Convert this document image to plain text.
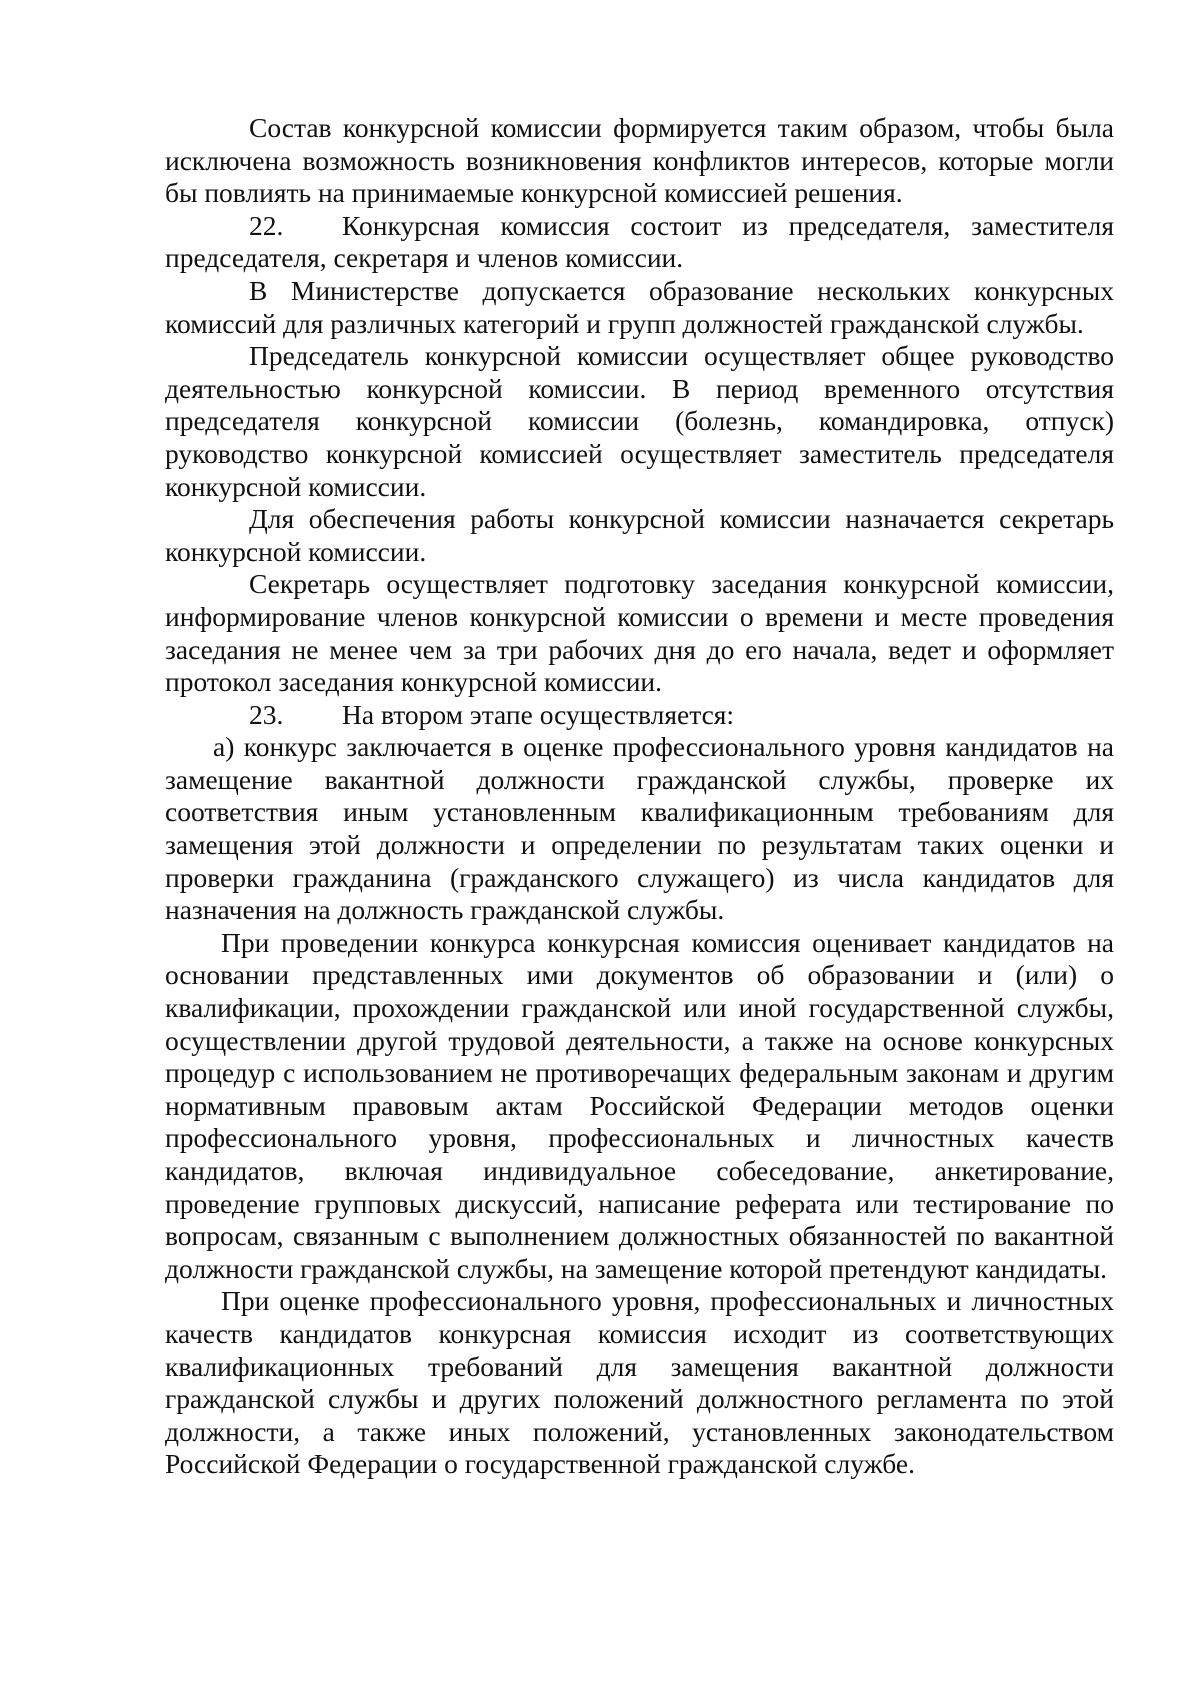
Состав конкурсной комиссии формируется таким образом, чтобы была исключена возможность возникновения конфликтов интересов, которые могли бы повлиять на принимаемые конкурсной комиссией решения.

22. Конкурсная комиссия состоит из председателя, заместителя председателя, секретаря и членов комиссии.

В Министерстве допускается образование нескольких конкурсных комиссий для различных категорий и групп должностей гражданской службы.

Председатель конкурсной комиссии осуществляет общее руководство деятельностью конкурсной комиссии. В период временного отсутствия председателя конкурсной комиссии (болезнь, командировка, отпуск) руководство конкурсной комиссией осуществляет заместитель председателя конкурсной комиссии.

Для обеспечения работы конкурсной комиссии назначается секретарь конкурсной комиссии.

Секретарь осуществляет подготовку заседания конкурсной комиссии, информирование членов конкурсной комиссии о времени и месте проведения заседания не менее чем за три рабочих дня до его начала, ведет и оформляет протокол заседания конкурсной комиссии.

23. На втором этапе осуществляется:

а) конкурс заключается в оценке профессионального уровня кандидатов на замещение вакантной должности гражданской службы, проверке их соответствия иным установленным квалификационным требованиям для замещения этой должности и определении по результатам таких оценки и проверки гражданина (гражданского служащего) из числа кандидатов для назначения на должность гражданской службы.

При проведении конкурса конкурсная комиссия оценивает кандидатов на основании представленных ими документов об образовании и (или) о квалификации, прохождении гражданской или иной государственной службы, осуществлении другой трудовой деятельности, а также на основе конкурсных процедур с использованием не противоречащих федеральным законам и другим нормативным правовым актам Российской Федерации методов оценки профессионального уровня, профессиональных и личностных качеств кандидатов, включая индивидуальное собеседование, анкетирование, проведение групповых дискуссий, написание реферата или тестирование по вопросам, связанным с выполнением должностных обязанностей по вакантной должности гражданской службы, на замещение которой претендуют кандидаты.

При оценке профессионального уровня, профессиональных и личностных качеств кандидатов конкурсная комиссия исходит из соответствующих квалификационных требований для замещения вакантной должности гражданской службы и других положений должностного регламента по этой должности, а также иных положений, установленных законодательством Российской Федерации о государственной гражданской службе.
